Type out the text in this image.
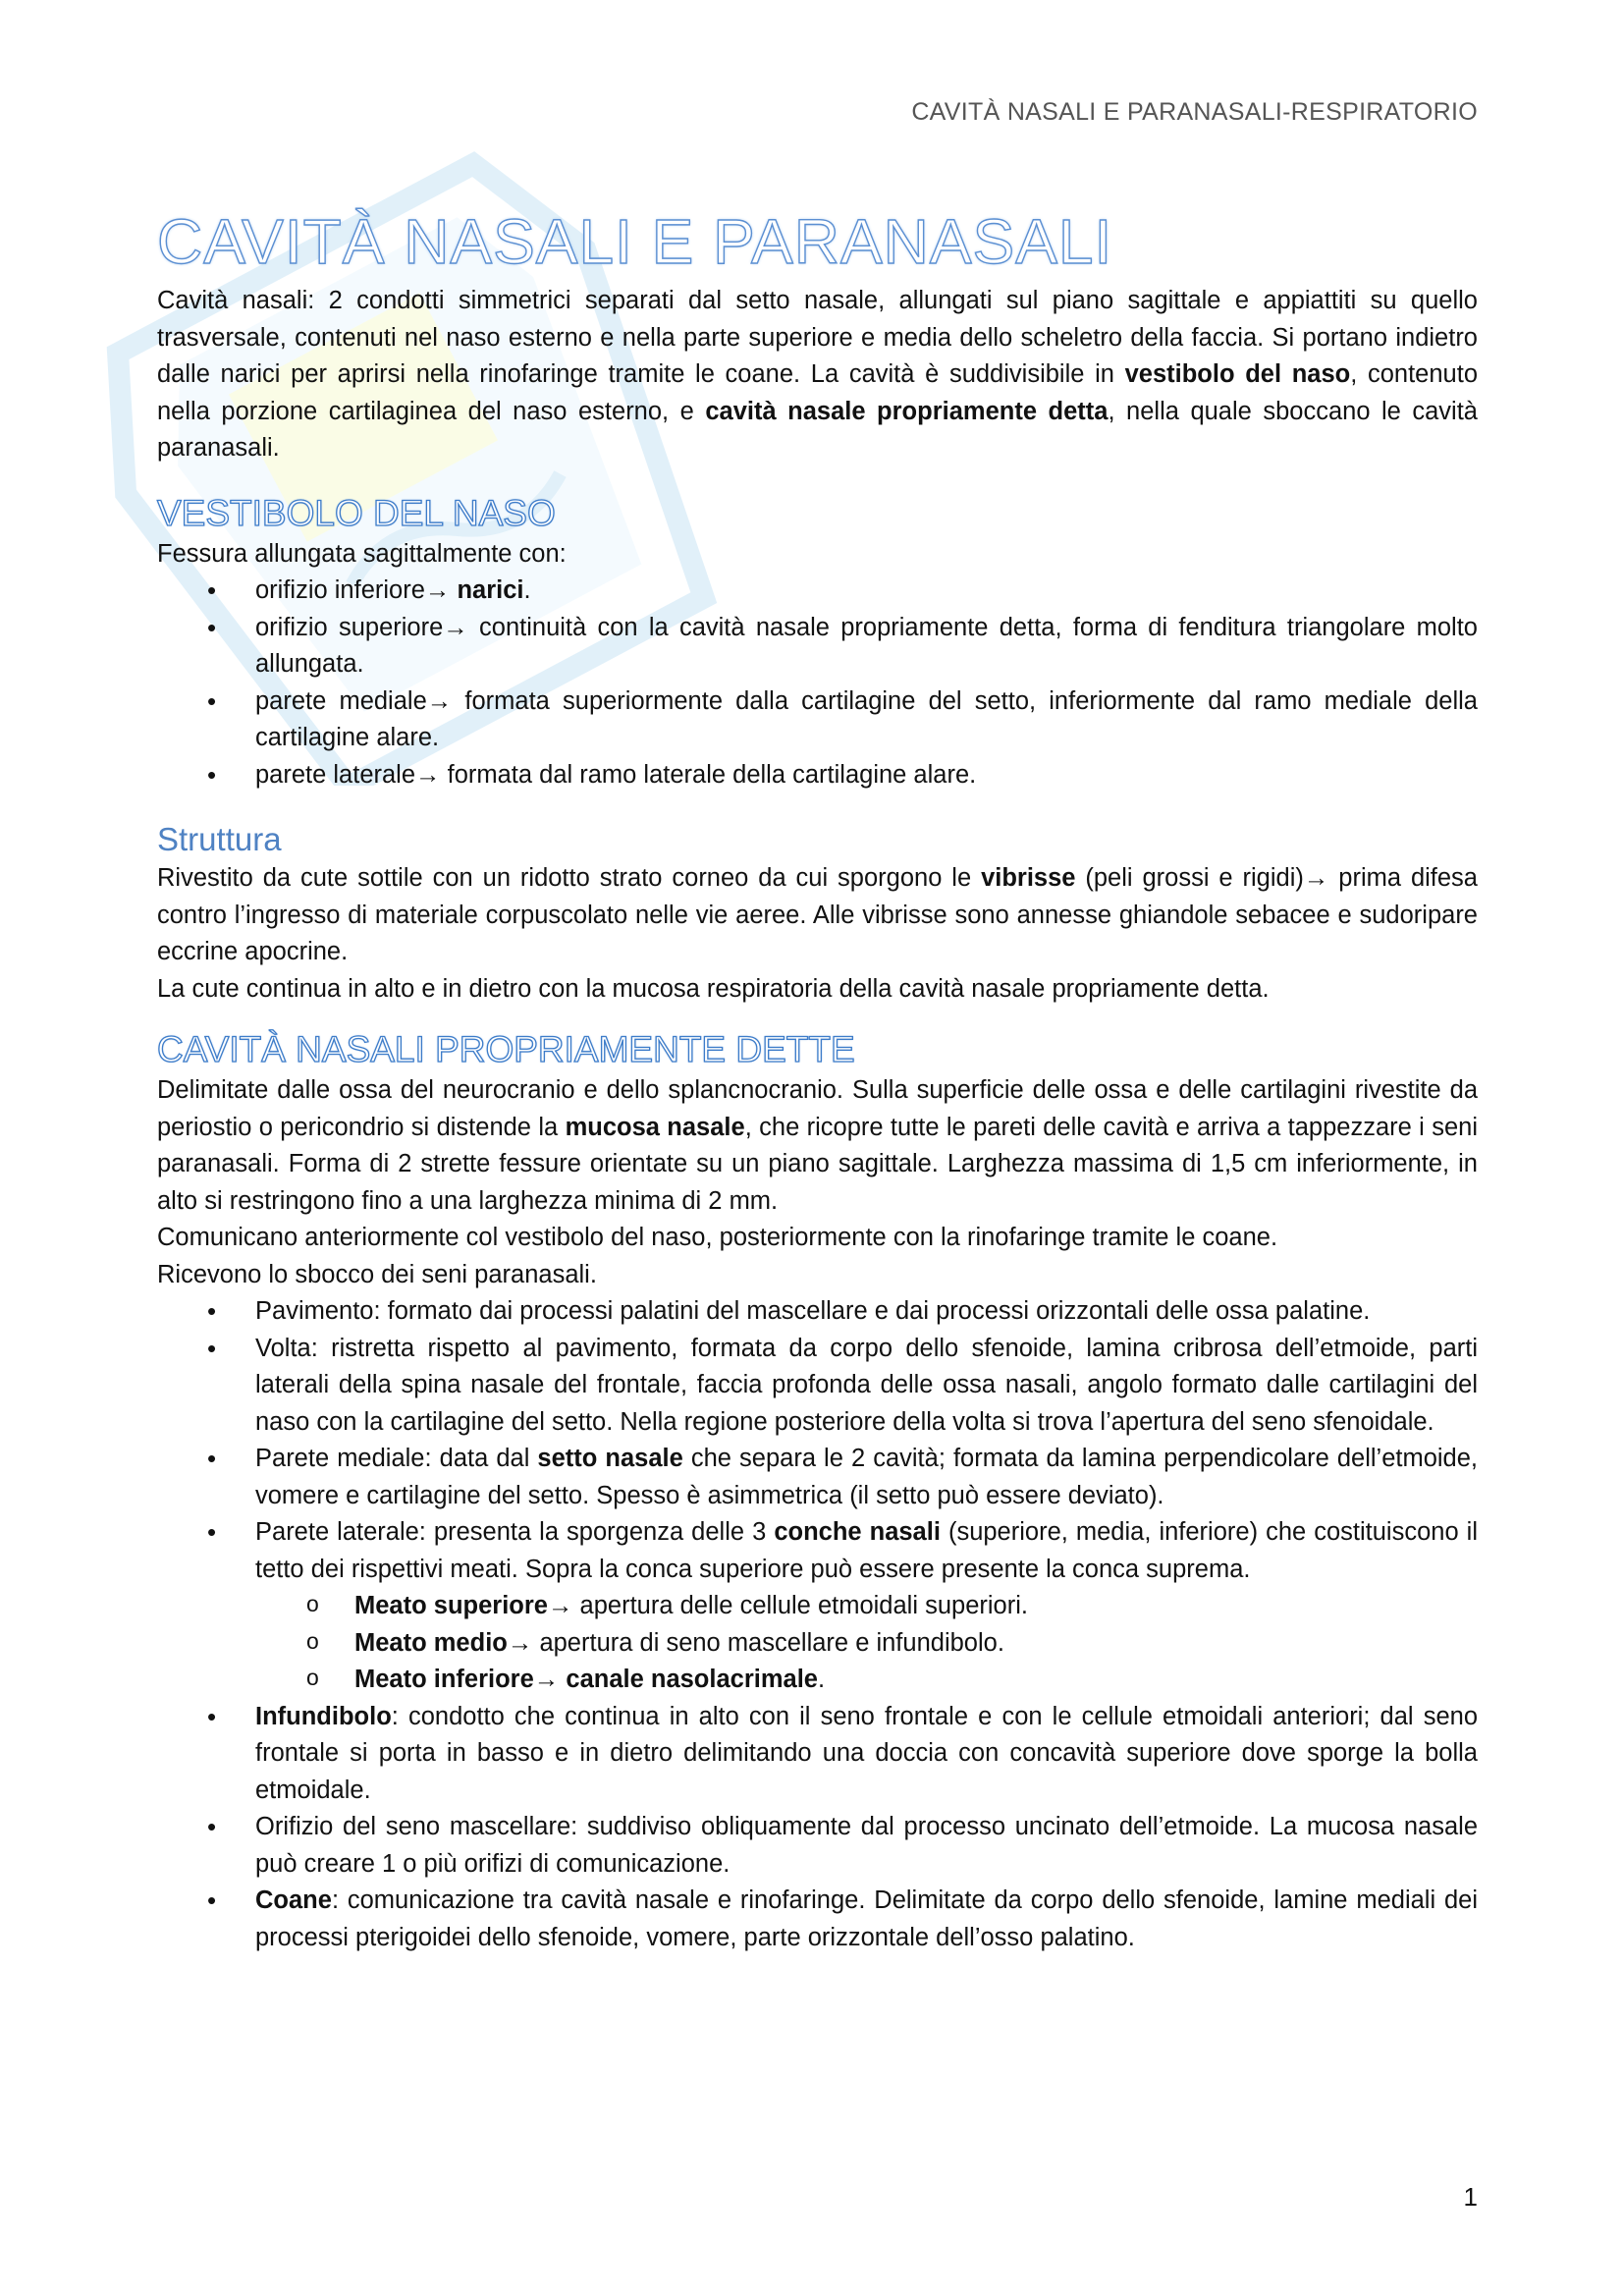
CAVITÀ NASALI E PARANASALI-RESPIRATORIO
CAVITÀ NASALI E PARANASALI

Cavità nasali: 2 condotti simmetrici separati dal setto nasale, allungati sul piano sagittale e appiattiti su quello trasversale, contenuti nel naso esterno e nella parte superiore e media dello scheletro della faccia. Si portano indietro dalle narici per aprirsi nella rinofaringe tramite le coane. La cavità è suddivisibile in vestibolo del naso, contenuto nella porzione cartilaginea del naso esterno, e cavità nasale propriamente detta, nella quale sboccano le cavità paranasali.

VESTIBOLO DEL NASO

Fessura allungata sagittalmente con:

• orifizio inferiore→ narici.
• orifizio superiore→ continuità con la cavità nasale propriamente detta, forma di fenditura triangolare molto allungata.
• parete mediale→ formata superiormente dalla cartilagine del setto, inferiormente dal ramo mediale della cartilagine alare.
• parete laterale→ formata dal ramo laterale della cartilagine alare.
Struttura

Rivestito da cute sottile con un ridotto strato corneo da cui sporgono le vibrisse (peli grossi e rigidi)→ prima difesa contro l’ingresso di materiale corpuscolato nelle vie aeree. Alle vibrisse sono annesse ghiandole sebacee e sudoripare eccrine apocrine.

La cute continua in alto e in dietro con la mucosa respiratoria della cavità nasale propriamente detta.

CAVITÀ NASALI PROPRIAMENTE DETTE

Delimitate dalle ossa del neurocranio e dello splancnocranio. Sulla superficie delle ossa e delle cartilagini rivestite da periostio o pericondrio si distende la mucosa nasale, che ricopre tutte le pareti delle cavità e arriva a tappezzare i seni paranasali. Forma di 2 strette fessure orientate su un piano sagittale. Larghezza massima di 1,5 cm inferiormente, in alto si restringono fino a una larghezza minima di 2 mm.

Comunicano anteriormente col vestibolo del naso, posteriormente con la rinofaringe tramite le coane.

Ricevono lo sbocco dei seni paranasali.

• Pavimento: formato dai processi palatini del mascellare e dai processi orizzontali delle ossa palatine.
• Volta: ristretta rispetto al pavimento, formata da corpo dello sfenoide, lamina cribrosa dell’etmoide, parti laterali della spina nasale del frontale, faccia profonda delle ossa nasali, angolo formato dalle cartilagini del naso con la cartilagine del setto. Nella regione posteriore della volta si trova l’apertura del seno sfenoidale.
• Parete mediale: data dal setto nasale che separa le 2 cavità; formata da lamina perpendicolare dell’etmoide, vomere e cartilagine del setto. Spesso è asimmetrica (il setto può essere deviato).
• Parete laterale: presenta la sporgenza delle 3 conche nasali (superiore, media, inferiore) che costituiscono il tetto dei rispettivi meati. Sopra la conca superiore può essere presente la conca suprema.
o Meato superiore→ apertura delle cellule etmoidali superiori.
o Meato medio→ apertura di seno mascellare e infundibolo.
o Meato inferiore→ canale nasolacrimale.
• Infundibolo: condotto che continua in alto con il seno frontale e con le cellule etmoidali anteriori; dal seno frontale si porta in basso e in dietro delimitando una doccia con concavità superiore dove sporge la bolla etmoidale.
• Orifizio del seno mascellare: suddiviso obliquamente dal processo uncinato dell’etmoide. La mucosa nasale può creare 1 o più orifizi di comunicazione.
• Coane: comunicazione tra cavità nasale e rinofaringe. Delimitate da corpo dello sfenoide, lamine mediali dei processi pterigoidei dello sfenoide, vomere, parte orizzontale dell’osso palatino.
1
